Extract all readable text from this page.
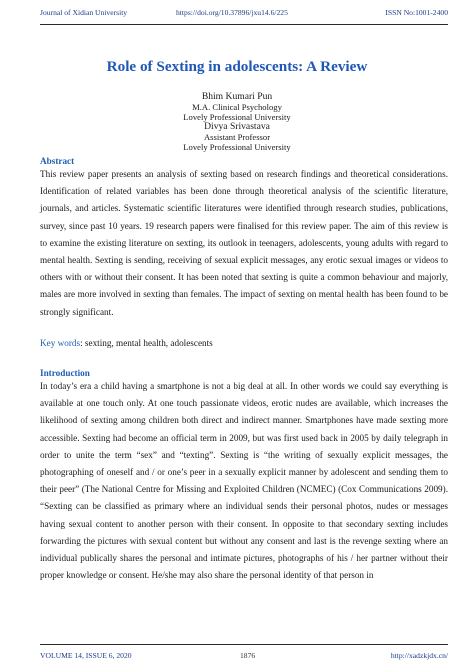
Journal of Xidian University	https://doi.org/10.37896/jxu14.6/225	ISSN No:1001-2400
Role of Sexting in adolescents: A Review
Bhim Kumari Pun
M.A. Clinical Psychology
Lovely Professional University
Divya Srivastava
Assistant Professor
Lovely Professional University
Abstract

This review paper presents an analysis of sexting based on research findings and theoretical considerations. Identification of related variables has been done through theoretical analysis of the scientific literature, journals, and articles. Systematic scientific literatures were identified through research studies, publications, survey, since past 10 years. 19 research papers were finalised for this review paper. The aim of this review is to examine the existing literature on sexting, its outlook in teenagers, adolescents, young adults with regard to mental health. Sexting is sending, receiving of sexual explicit messages, any erotic sexual images or videos to others with or without their consent. It has been noted that sexting is quite a common behaviour and majorly, males are more involved in sexting than females. The impact of sexting on mental health has been found to be strongly significant.

Key words: sexting, mental health, adolescents
Introduction

In today’s era a child having a smartphone is not a big deal at all. In other words we could say everything is available at one touch only. At one touch passionate videos, erotic nudes are available, which increases the likelihood of sexting among children both direct and indirect manner. Smartphones have made sexting more accessible. Sexting had become an official term in 2009, but was first used back in 2005 by daily telegraph in order to unite the term “sex” and “texting”. Sexting is “the writing of sexually explicit messages, the photographing of oneself and / or one’s peer in a sexually explicit manner by adolescent and sending them to their peer” (The National Centre for Missing and Exploited Children (NCMEC) (Cox Communications 2009). “Sexting can be classified as primary where an individual sends their personal photos, nudes or messages having sexual content to another person with their consent. In opposite to that secondary sexting includes forwarding the pictures with sexual content but without any consent and last is the revenge sexting where an individual publically shares the personal and intimate pictures, photographs of his / her partner without their proper knowledge or consent. He/she may also share the personal identity of that person in

VOLUME 14, ISSUE 6, 2020	1876	http://xadzkjdx.cn/
